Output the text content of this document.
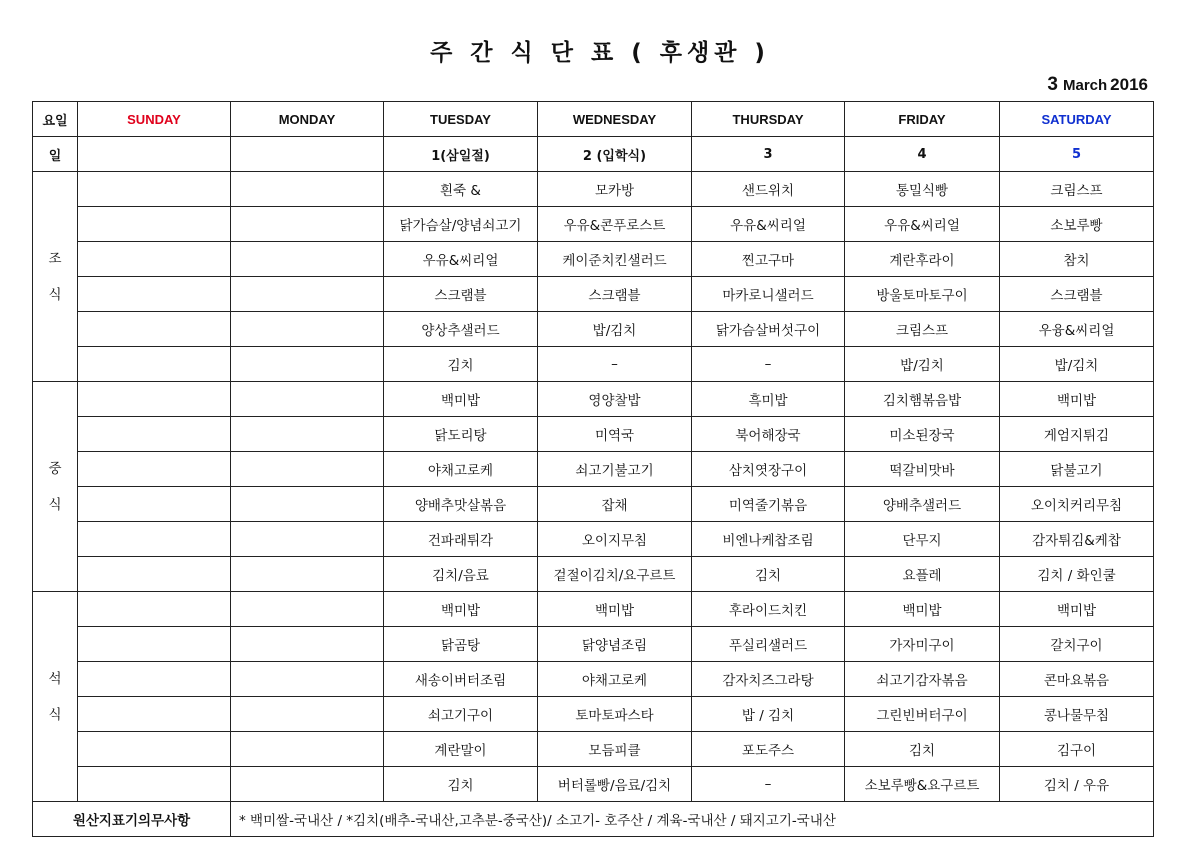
주 간 식 단 표 ( 후생관 )
3 March 2016
요일	SUNDAY	MONDAY	TUESDAY	WEDNESDAY	THURSDAY	FRIDAY	SATURDAY
일			1(삼일절)	2 (입학식)	3	4	5

조
식			흰죽 &	모카방	샌드위치	통밀식빵	크림스프
			닭가슴살/양념쇠고기	우유&콘푸로스트	우유&씨리얼	우유&씨리얼	소보루빵
			우유&씨리얼	케이준치킨샐러드	찐고구마	계란후라이	참치
			스크램블	스크램블	마카로니샐러드	방울토마토구이	스크램블
			양상추샐러드	밥/김치	닭가슴살버섯구이	크림스프	우융&씨리얼
			김치	–	–	밥/김치	밥/김치

중
식			백미밥	영양찰밥	흑미밥	김치햄볶음밥	백미밥
			닭도리탕	미역국	북어해장국	미소된장국	게엄지튀김
			야채고로케	쇠고기불고기	삼치엿장구이	떡갈비맛바	닭불고기
			양배추맛살볶음	잡채	미역줄기볶음	양배추샐러드	오이치커리무침
			건파래튀각	오이지무침	비엔나케찹조림	단무지	감자튀김&케찹
			김치/음료	겉절이김치/요구르트	김치	요플레	김치 / 화인쿨

석
식			백미밥	백미밥	후라이드치킨	백미밥	백미밥
			닭곰탕	닭양념조림	푸실리샐러드	가자미구이	갈치구이
			새송이버터조림	야채고로케	감자치즈그라탕	쇠고기감자볶음	콘마요볶음
			쇠고기구이	토마토파스타	밥 / 김치	그린빈버터구이	콩나물무침
			계란말이	모듬피클	포도주스	김치	김구이
			김치	버터롤빵/음료/김치	–	소보루빵&요구르트	김치 / 우유
원산지표기의무사항		* 백미쌀-국내산 / *김치(배추-국내산,고추분-중국산)/ 소고기- 호주산 / 계육-국내산 / 돼지고기-국내산					
